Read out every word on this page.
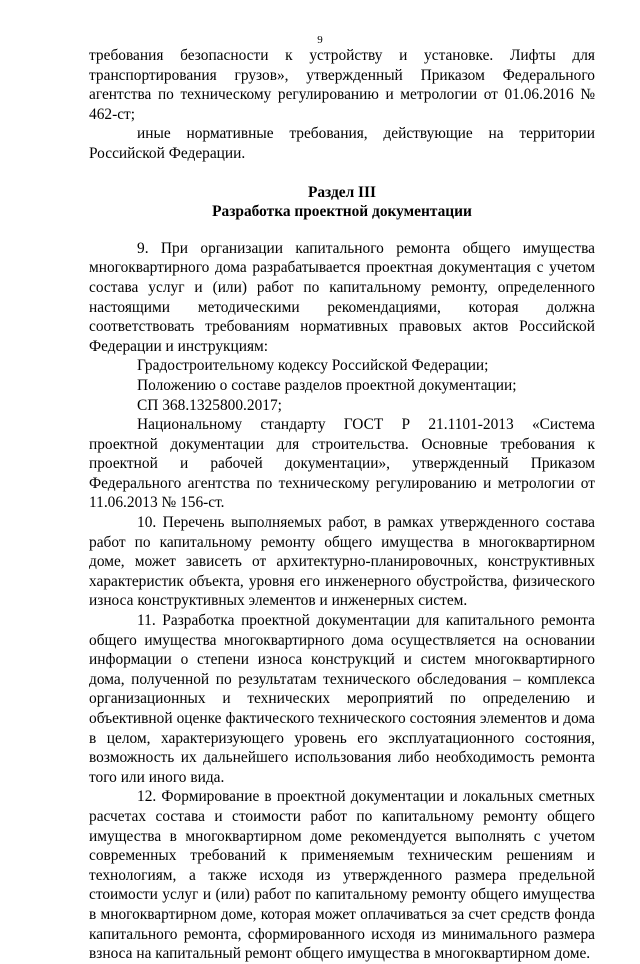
9

требования безопасности к устройству и установке. Лифты для транспортирования грузов», утвержденный Приказом Федерального агентства по техническому регулированию и метрологии от 01.06.2016 № 462-ст;

иные нормативные требования, действующие на территории Российской Федерации.

Раздел III

Разработка проектной документации

9. При организации капитального ремонта общего имущества многоквартирного дома разрабатывается проектная документация с учетом состава услуг и (или) работ по капитальному ремонту, определенного настоящими методическими рекомендациями, которая должна соответствовать требованиям нормативных правовых актов Российской Федерации и инструкциям:

Градостроительному кодексу Российской Федерации;

Положению о составе разделов проектной документации;

СП 368.1325800.2017;

Национальному стандарту ГОСТ Р 21.1101-2013 «Система проектной документации для строительства. Основные требования к проектной и рабочей документации», утвержденный Приказом Федерального агентства по техническому регулированию и метрологии от 11.06.2013 № 156-ст.

10. Перечень выполняемых работ, в рамках утвержденного состава работ по капитальному ремонту общего имущества в многоквартирном доме, может зависеть от архитектурно-планировочных, конструктивных характеристик объекта, уровня его инженерного обустройства, физического износа конструктивных элементов и инженерных систем.

11. Разработка проектной документации для капитального ремонта общего имущества многоквартирного дома осуществляется на основании информации о степени износа конструкций и систем многоквартирного дома, полученной по результатам технического обследования – комплекса организационных и технических мероприятий по определению и объективной оценке фактического технического состояния элементов и дома в целом, характеризующего уровень его эксплуатационного состояния, возможность их дальнейшего использования либо необходимость ремонта того или иного вида.

12. Формирование в проектной документации и локальных сметных расчетах состава и стоимости работ по капитальному ремонту общего имущества в многоквартирном доме рекомендуется выполнять с учетом современных требований к применяемым техническим решениям и технологиям, а также исходя из утвержденного размера предельной стоимости услуг и (или) работ по капитальному ремонту общего имущества в многоквартирном доме, которая может оплачиваться за счет средств фонда капитального ремонта, сформированного исходя из минимального размера взноса на капитальный ремонт общего имущества в многоквартирном доме.
